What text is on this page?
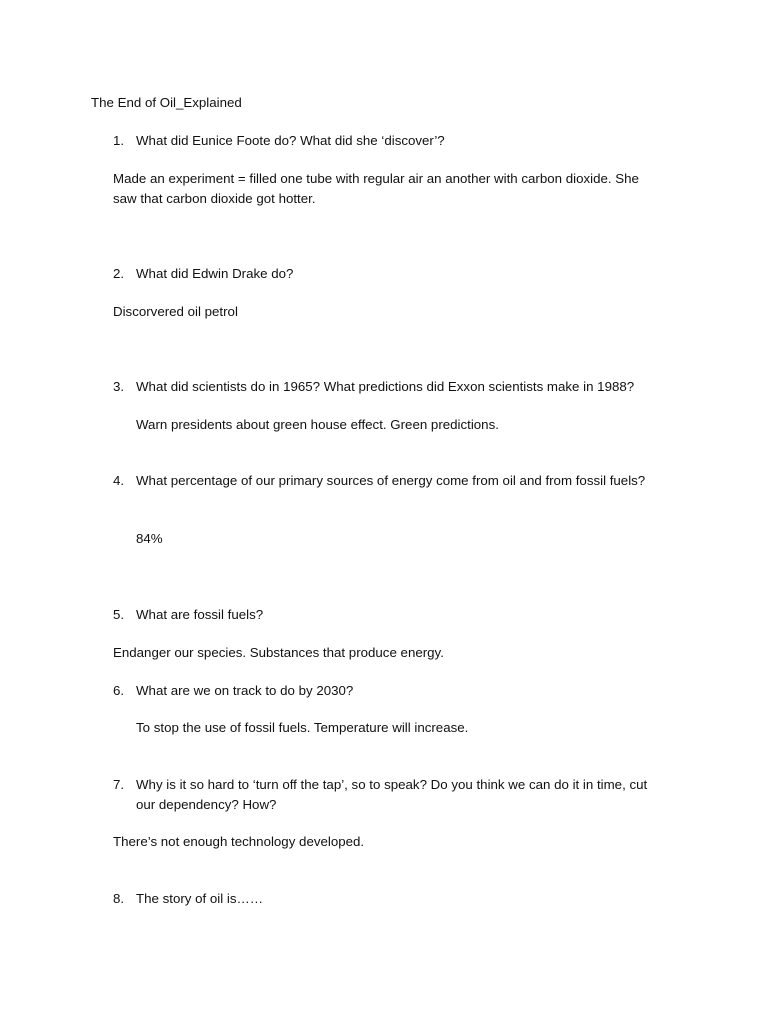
The End of Oil_Explained
1. What did Eunice Foote do? What did she ‘discover’?
Made an experiment = filled one tube with regular air an another with carbon dioxide. She
saw that carbon dioxide got hotter.
2. What did Edwin Drake do?
Discorvered oil petrol
3. What did scientists do in 1965? What predictions did Exxon scientists make in 1988?
Warn presidents about green house effect. Green predictions.
4. What percentage of our primary sources of energy come from oil and from fossil fuels?
84%
5. What are fossil fuels?
Endanger our species. Substances that produce energy.
6. What are we on track to do by 2030?
To stop the use of fossil fuels. Temperature will increase.
7. Why is it so hard to ‘turn off the tap’, so to speak? Do you think we can do it in time, cut
our dependency? How?
There’s not enough technology developed.
8. The story of oil is……
